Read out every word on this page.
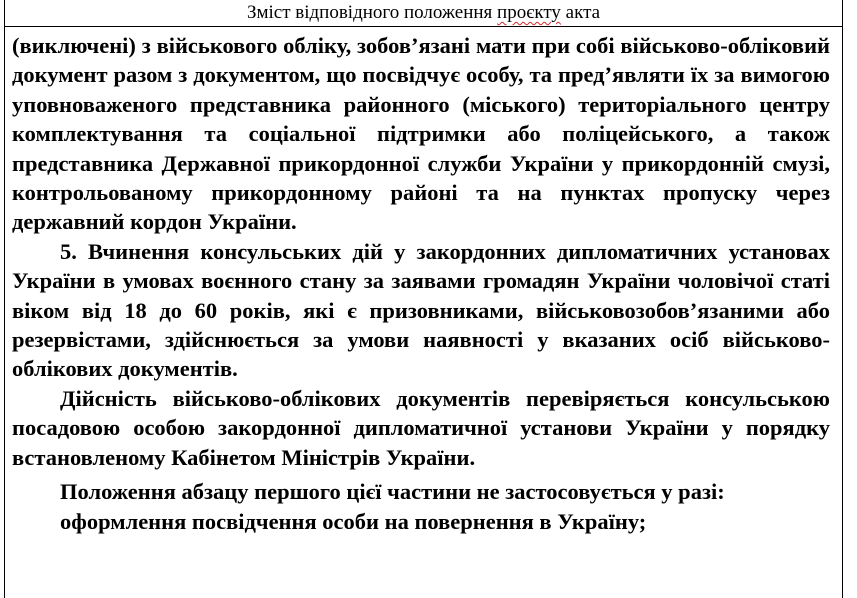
Зміст відповідного положення проєкту акта

(виключені) з військового обліку, зобов’язані мати при собі військово-обліковий документ разом з документом, що посвідчує особу, та пред’являти їх за вимогою уповноваженого представника районного (міського) територіального центру комплектування та соціальної підтримки або поліцейського, а також представника Державної прикордонної служби України у прикордонній смузі, контрольованому прикордонному районі та на пунктах пропуску через державний кордон України.

5. Вчинення консульських дій у закордонних дипломатичних установах України в умовах воєнного стану за заявами громадян України чоловічої статі віком від 18 до 60 років, які є призовниками, військовозобов’язаними або резервістами, здійснюється за умови наявності у вказаних осіб військово-облікових документів.

Дійсність військово-облікових документів перевіряється консульською посадовою особою закордонної дипломатичної установи України у порядку встановленому Кабінетом Міністрів України.

Положення абзацу першого цієї частини не застосовується у разі:

оформлення посвідчення особи на повернення в Україну;
